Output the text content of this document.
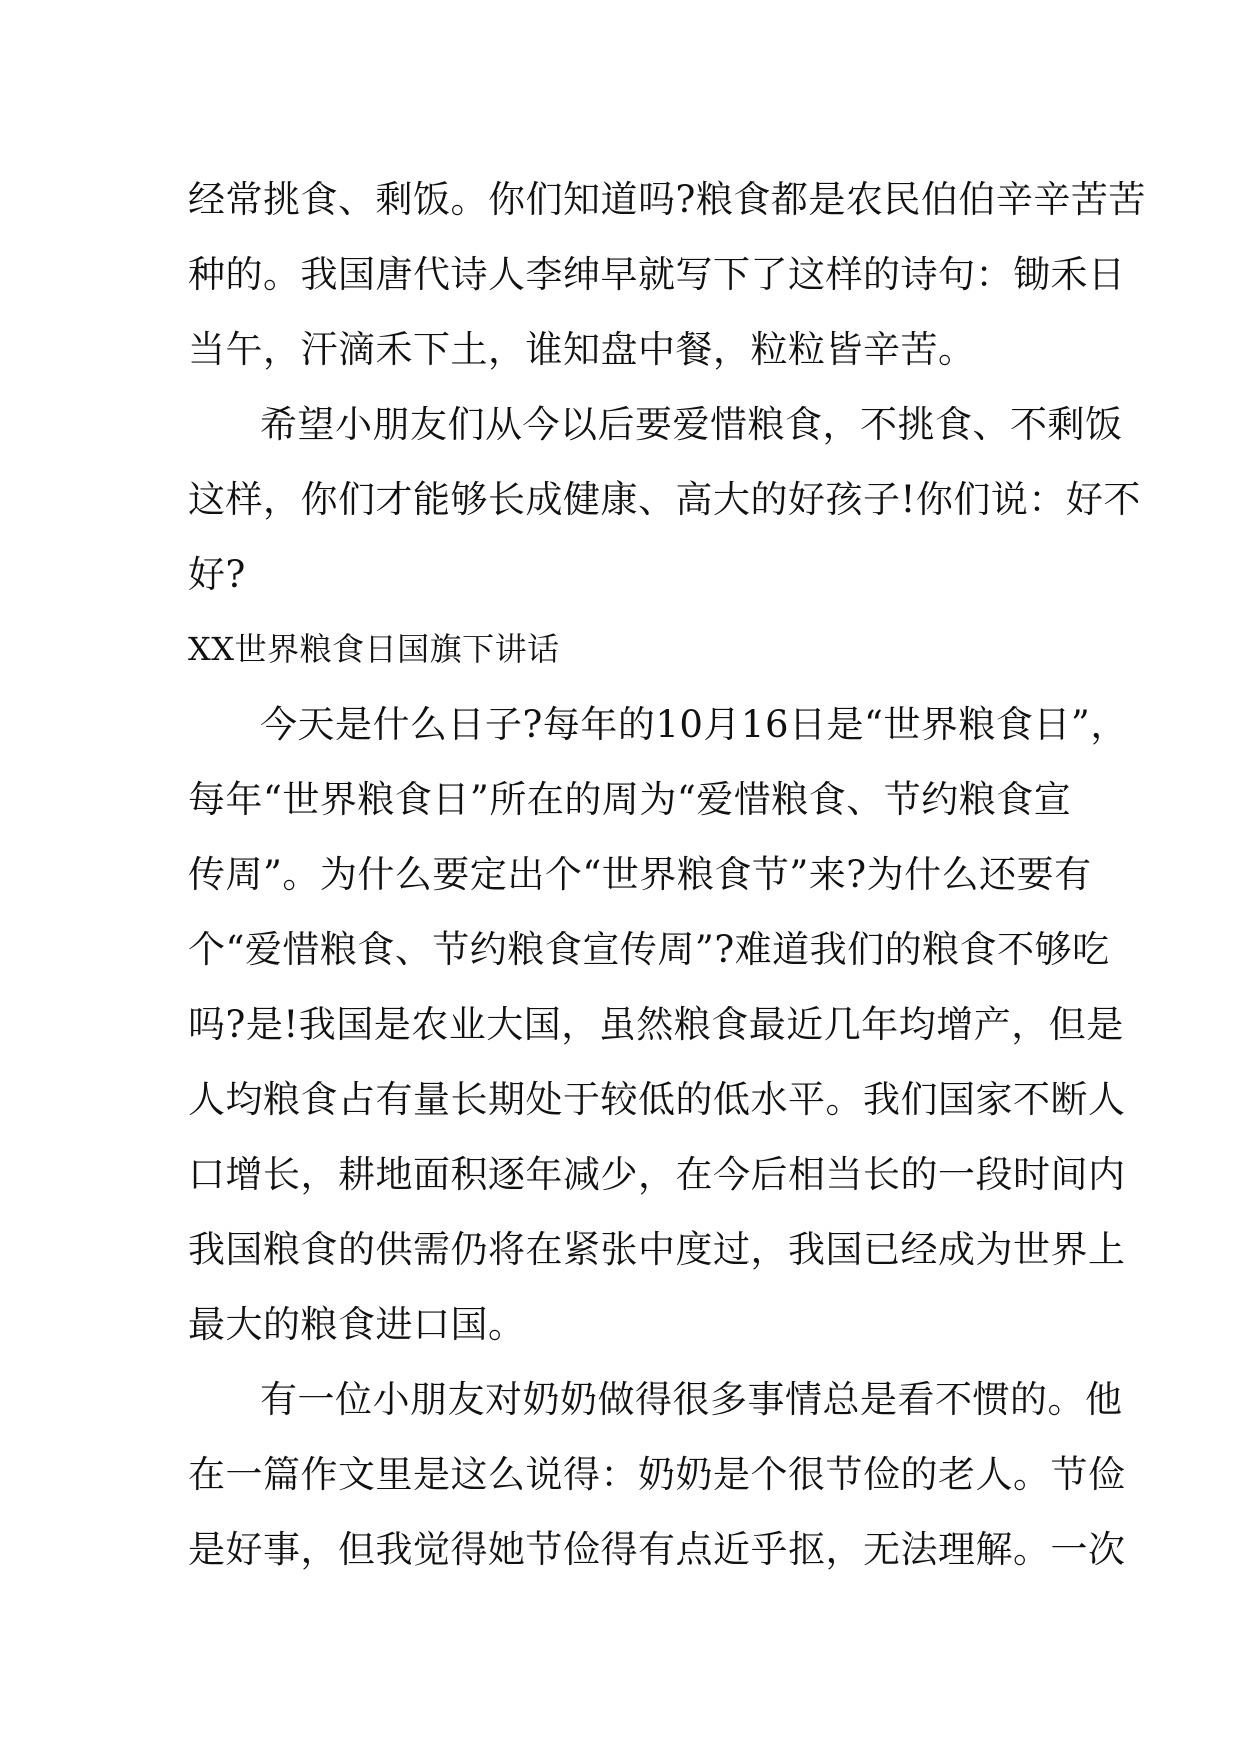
经常挑食、剩饭。你们知道吗?粮食都是农民伯伯辛辛苦苦
种的。我国唐代诗人李绅早就写下了这样的诗句：锄禾日
当午，汗滴禾下土，谁知盘中餐，粒粒皆辛苦。
希望小朋友们从今以后要爱惜粮食，不挑食、不剩饭
这样，你们才能够长成健康、高大的好孩子!你们说：好不
好?
XX世界粮食日国旗下讲话
今天是什么日子?每年的10月16日是“世界粮食日”，
每年“世界粮食日”所在的周为“爱惜粮食、节约粮食宣
传周”。为什么要定出个“世界粮食节”来?为什么还要有
个“爱惜粮食、节约粮食宣传周”?难道我们的粮食不够吃
吗?是!我国是农业大国，虽然粮食最近几年均增产，但是
人均粮食占有量长期处于较低的低水平。我们国家不断人
口增长，耕地面积逐年减少，在今后相当长的一段时间内
我国粮食的供需仍将在紧张中度过，我国已经成为世界上
最大的粮食进口国。
有一位小朋友对奶奶做得很多事情总是看不惯的。他
在一篇作文里是这么说得：奶奶是个很节俭的老人。节俭
是好事，但我觉得她节俭得有点近乎抠，无法理解。一次
